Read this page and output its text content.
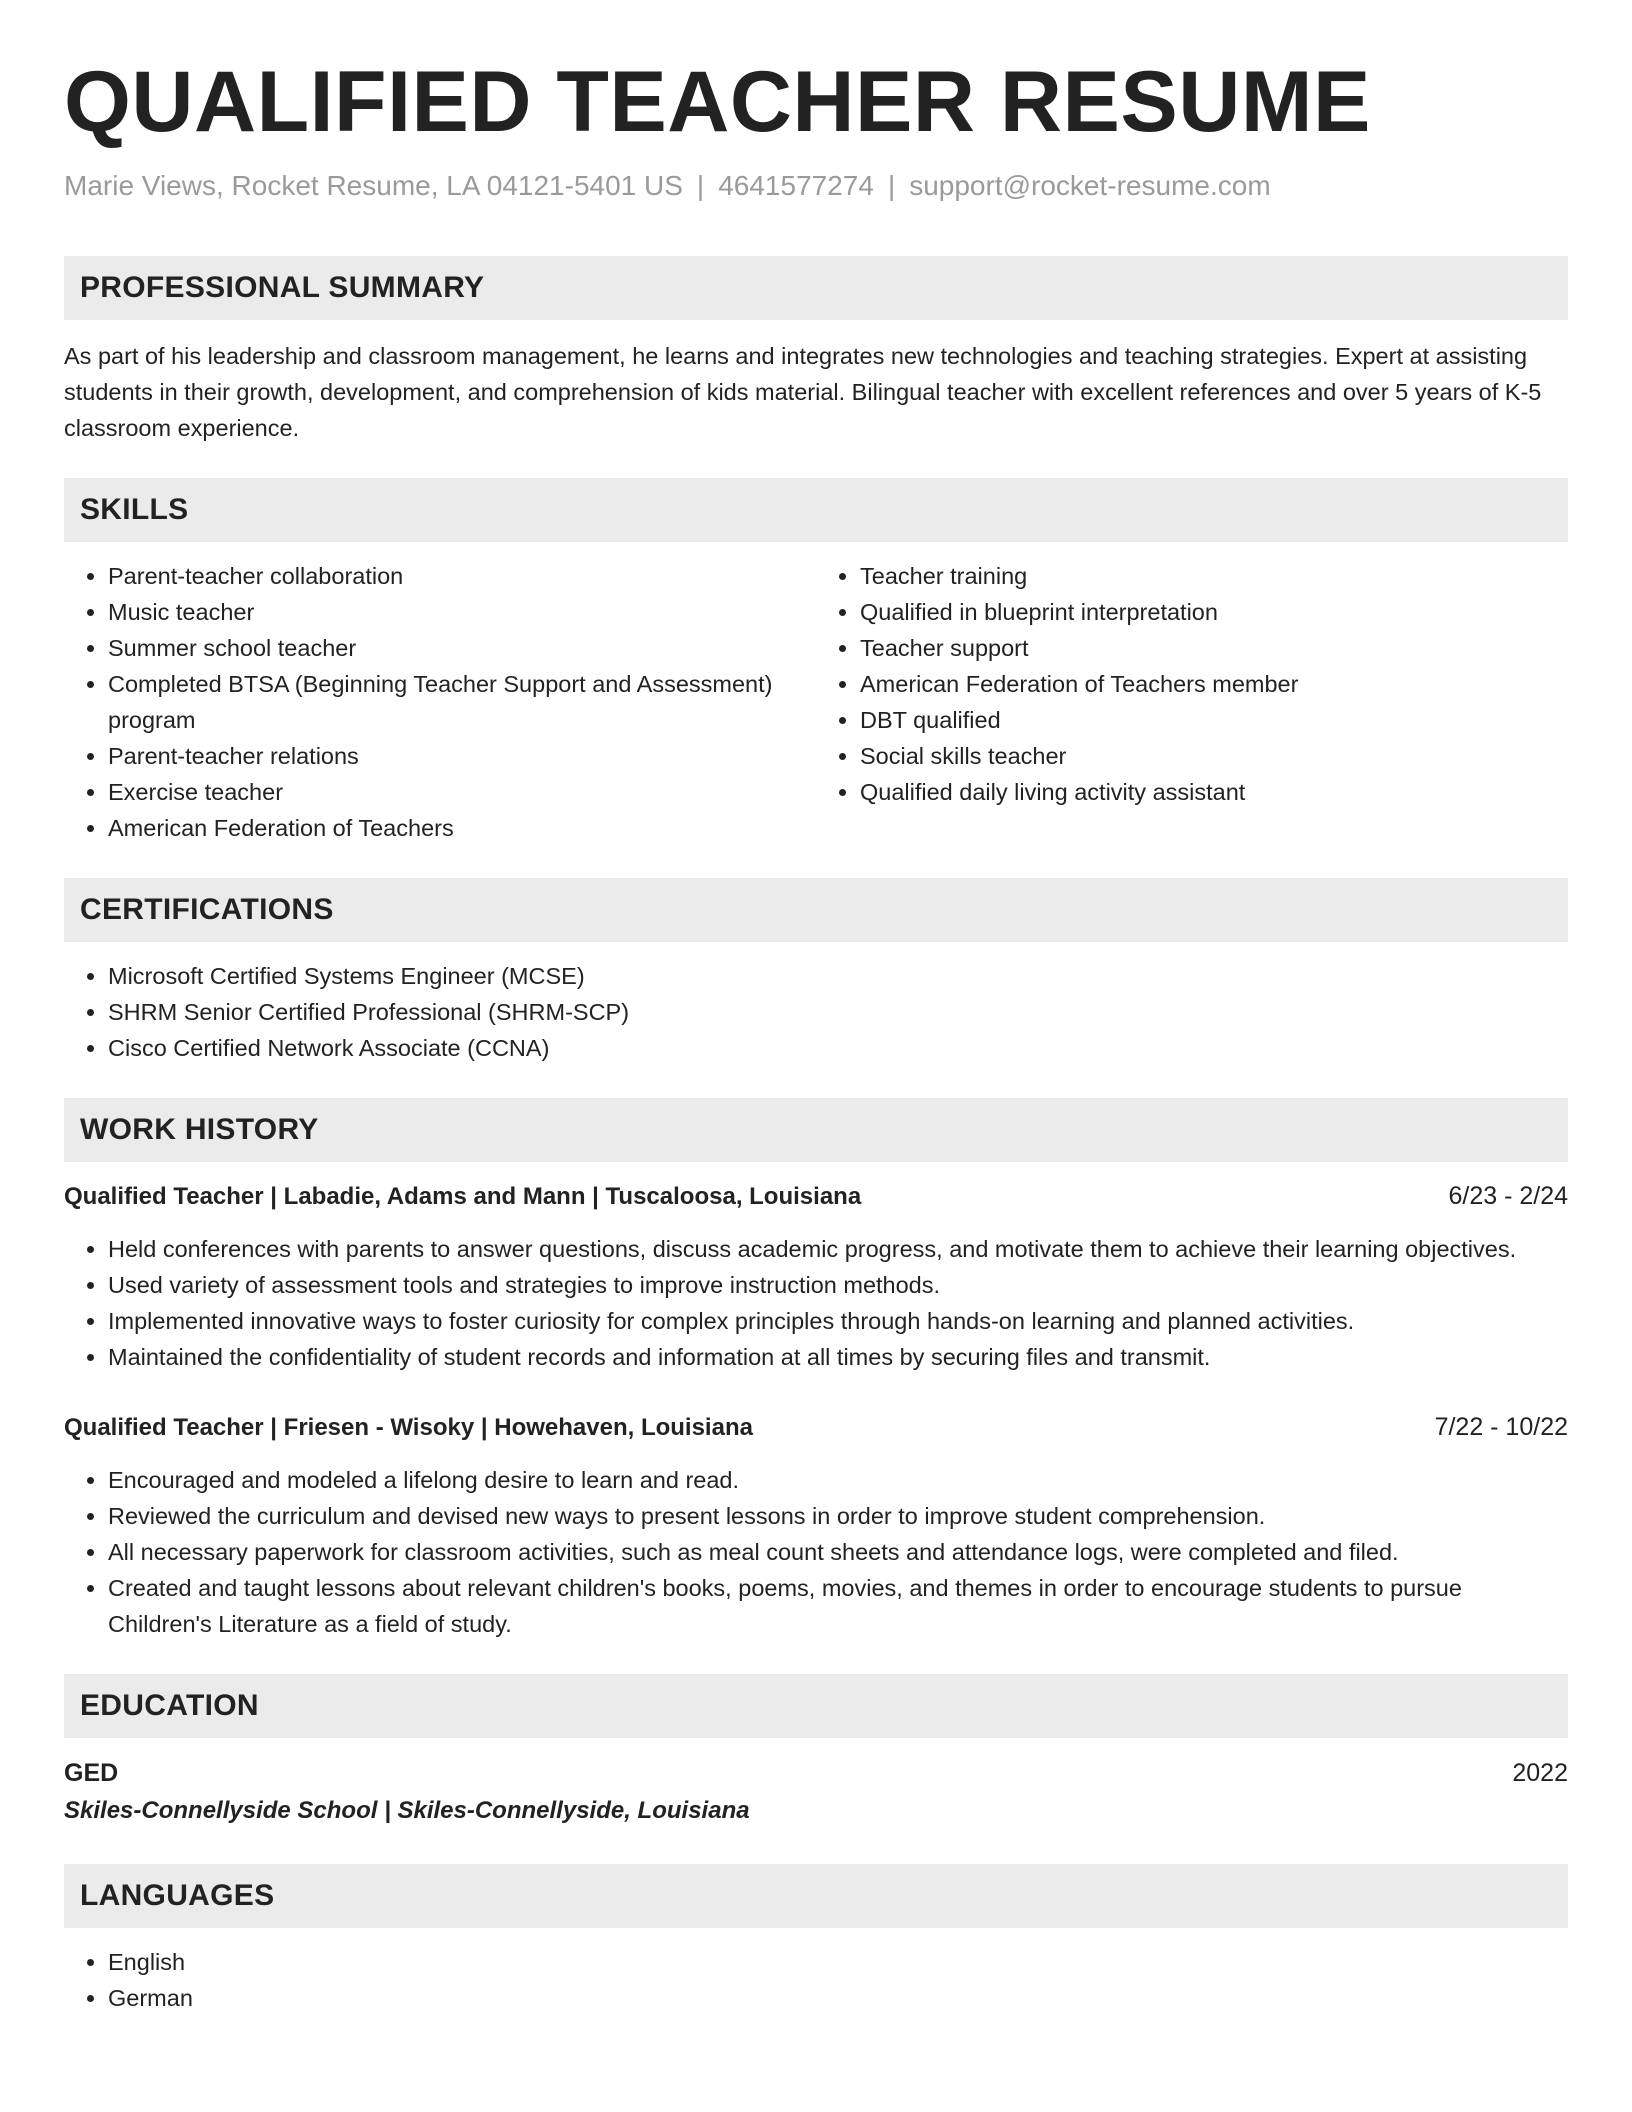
QUALIFIED TEACHER RESUME
Marie Views, Rocket Resume, LA 04121-5401 US | 4641577274 | support@rocket-resume.com
PROFESSIONAL SUMMARY

As part of his leadership and classroom management, he learns and integrates new technologies and teaching strategies. Expert at assisting students in their growth, development, and comprehension of kids material. Bilingual teacher with excellent references and over 5 years of K-5 classroom experience.

SKILLS
• Parent-teacher collaboration
• Music teacher
• Summer school teacher
• Completed BTSA (Beginning Teacher Support and Assessment) program
• Parent-teacher relations
• Exercise teacher
• American Federation of Teachers
• Teacher training
• Qualified in blueprint interpretation
• Teacher support
• American Federation of Teachers member
• DBT qualified
• Social skills teacher
• Qualified daily living activity assistant
CERTIFICATIONS
• Microsoft Certified Systems Engineer (MCSE)
• SHRM Senior Certified Professional (SHRM-SCP)
• Cisco Certified Network Associate (CCNA)
WORK HISTORY
Qualified Teacher | Labadie, Adams and Mann | Tuscaloosa, Louisiana	6/23 - 2/24
• Held conferences with parents to answer questions, discuss academic progress, and motivate them to achieve their learning objectives.
• Used variety of assessment tools and strategies to improve instruction methods.
• Implemented innovative ways to foster curiosity for complex principles through hands-on learning and planned activities.
• Maintained the confidentiality of student records and information at all times by securing files and transmit.
Qualified Teacher | Friesen - Wisoky | Howehaven, Louisiana	7/22 - 10/22
• Encouraged and modeled a lifelong desire to learn and read.
• Reviewed the curriculum and devised new ways to present lessons in order to improve student comprehension.
• All necessary paperwork for classroom activities, such as meal count sheets and attendance logs, were completed and filed.
• Created and taught lessons about relevant children's books, poems, movies, and themes in order to encourage students to pursue Children's Literature as a field of study.
EDUCATION
GED	2022
Skiles-Connellyside School | Skiles-Connellyside, Louisiana
LANGUAGES
• English
• German
